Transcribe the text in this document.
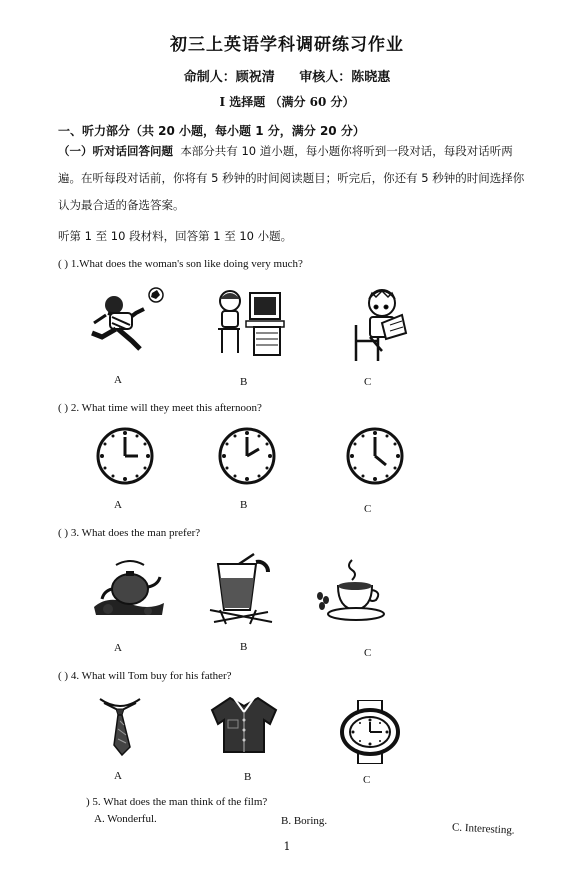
初三上英语学科调研练习作业
命制人：顾祝清 审核人：陈晓惠
I 选择题 （满分 60 分）
一、听力部分（共 20 小题，每小题 1 分，满分 20 分）
（一）听对话回答问题 本部分共有 10 道小题，每小题你将听到一段对话，每段对话听两
遍。在听每段对话前，你将有 5 秒钟的时间阅读题目；听完后，你还有 5 秒钟的时间选择你
认为最合适的备选答案。
听第 1 至 10 段材料，回答第 1 至 10 小题。
( ) 1.What does the woman's son like doing very much?
A	B	C
( ) 2. What time will they meet this afternoon?
A	B	C
( ) 3. What does the man prefer?
A	B	C
( ) 4. What will Tom buy for his father?
A	B	C
) 5. What does the man think of the film?
A. Wonderful.	B. Boring.
C. Interesting.
1
